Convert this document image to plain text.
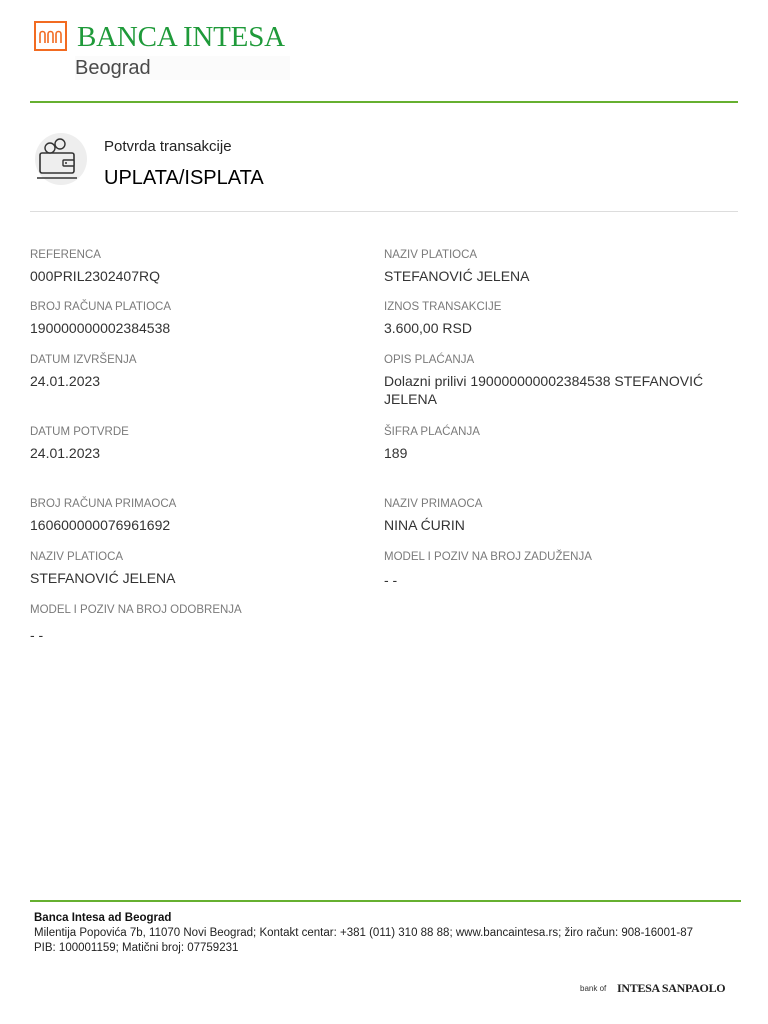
BANCA INTESA
Beograd
Potvrda transakcije
UPLATA/ISPLATA
REFERENCA
000PRIL2302407RQ
BROJ RAČUNA PLATIOCA
190000000002384538
DATUM IZVRŠENJA
24.01.2023
DATUM POTVRDE
24.01.2023
BROJ RAČUNA PRIMAOCA
160600000076961692
NAZIV PLATIOCA
STEFANOVIĆ JELENA
MODEL I POZIV NA BROJ ODOBRENJA
- -
NAZIV PLATIOCA
STEFANOVIĆ JELENA
IZNOS TRANSAKCIJE
3.600,00 RSD
OPIS PLAĆANJA
Dolazni prilivi 190000000002384538 STEFANOVIĆ JELENA
ŠIFRA PLAĆANJA
189
NAZIV PRIMAOCA
NINA ĆURIN
MODEL I POZIV NA BROJ ZADUŽENJA
- -
Banca Intesa ad Beograd
Milentija Popovića 7b, 11070 Novi Beograd; Kontakt centar: +381 (011) 310 88 88; www.bancaintesa.rs; žiro račun: 908-16001-87
PIB: 100001159; Matični broj: 07759231
bank of INTESA SANPAOLO
